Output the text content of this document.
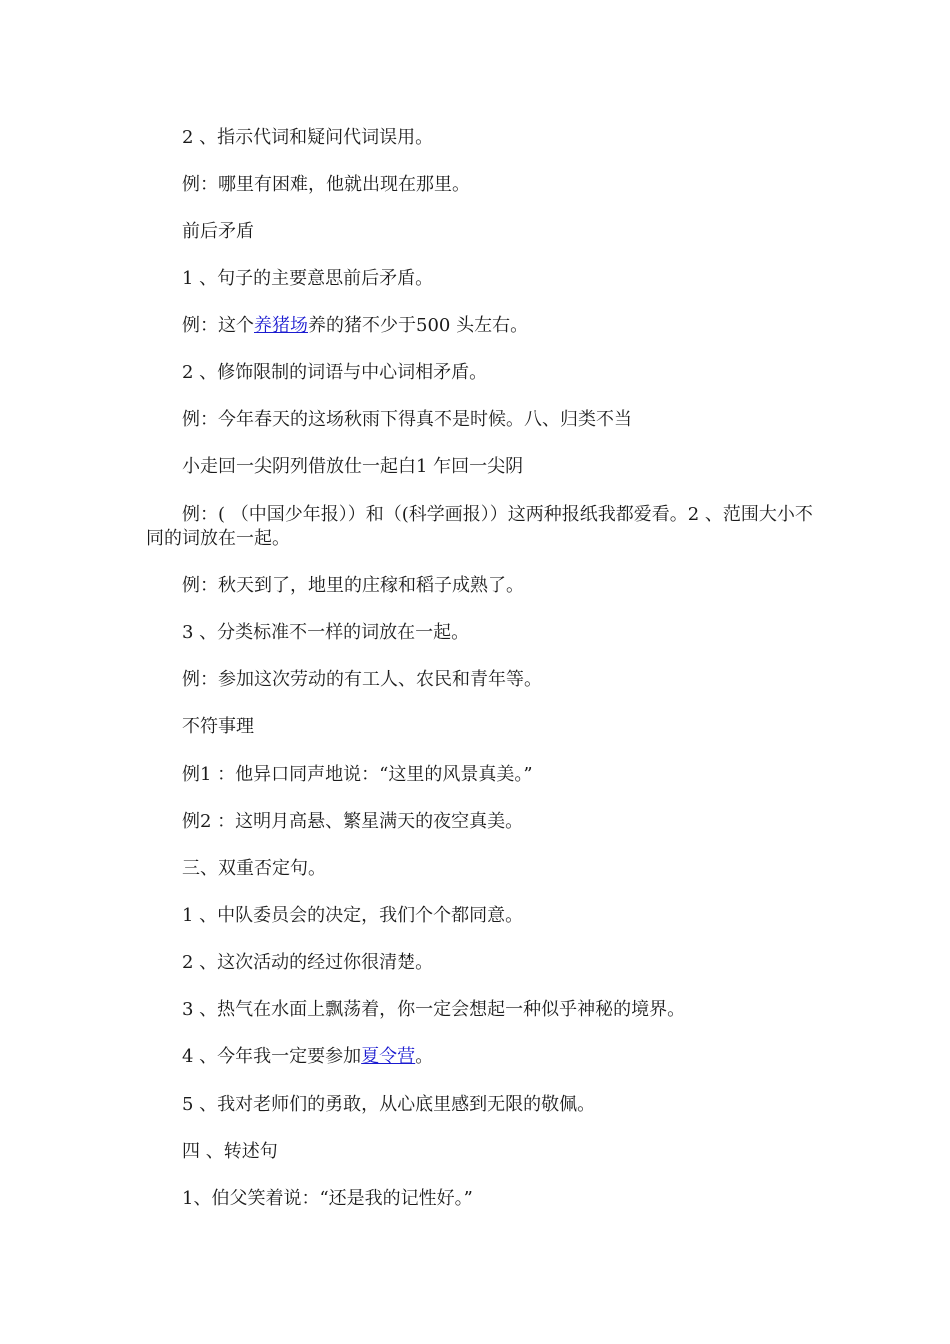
2 、指示代词和疑问代词误用。
例：哪里有困难，他就出现在那里。
前后矛盾
1 、句子的主要意思前后矛盾。
例：这个养猪场养的猪不少于500 头左右。
2 、修饰限制的词语与中心词相矛盾。
例：今年春天的这场秋雨下得真不是时候。八、归类不当
小走回一尖阴列借放仕一起白1 乍回一尖阴
例：( （中国少年报））和（(科学画报））这两种报纸我都爱看。2 、范围大小不同的词放在一起。
例：秋天到了，地里的庄稼和稻子成熟了。
3 、分类标准不一样的词放在一起。
例：参加这次劳动的有工人、农民和青年等。
不符事理
例1 ：他异口同声地说：“这里的风景真美。”
例2 ：这明月高悬、繁星满天的夜空真美。
三、双重否定句。
1 、中队委员会的决定，我们个个都同意。
2 、这次活动的经过你很清楚。
3 、热气在水面上飘荡着，你一定会想起一种似乎神秘的境界。
4 、今年我一定要参加夏令营。
5 、我对老师们的勇敢，从心底里感到无限的敬佩。
四 、转述句
1、伯父笑着说：“还是我的记性好。”
